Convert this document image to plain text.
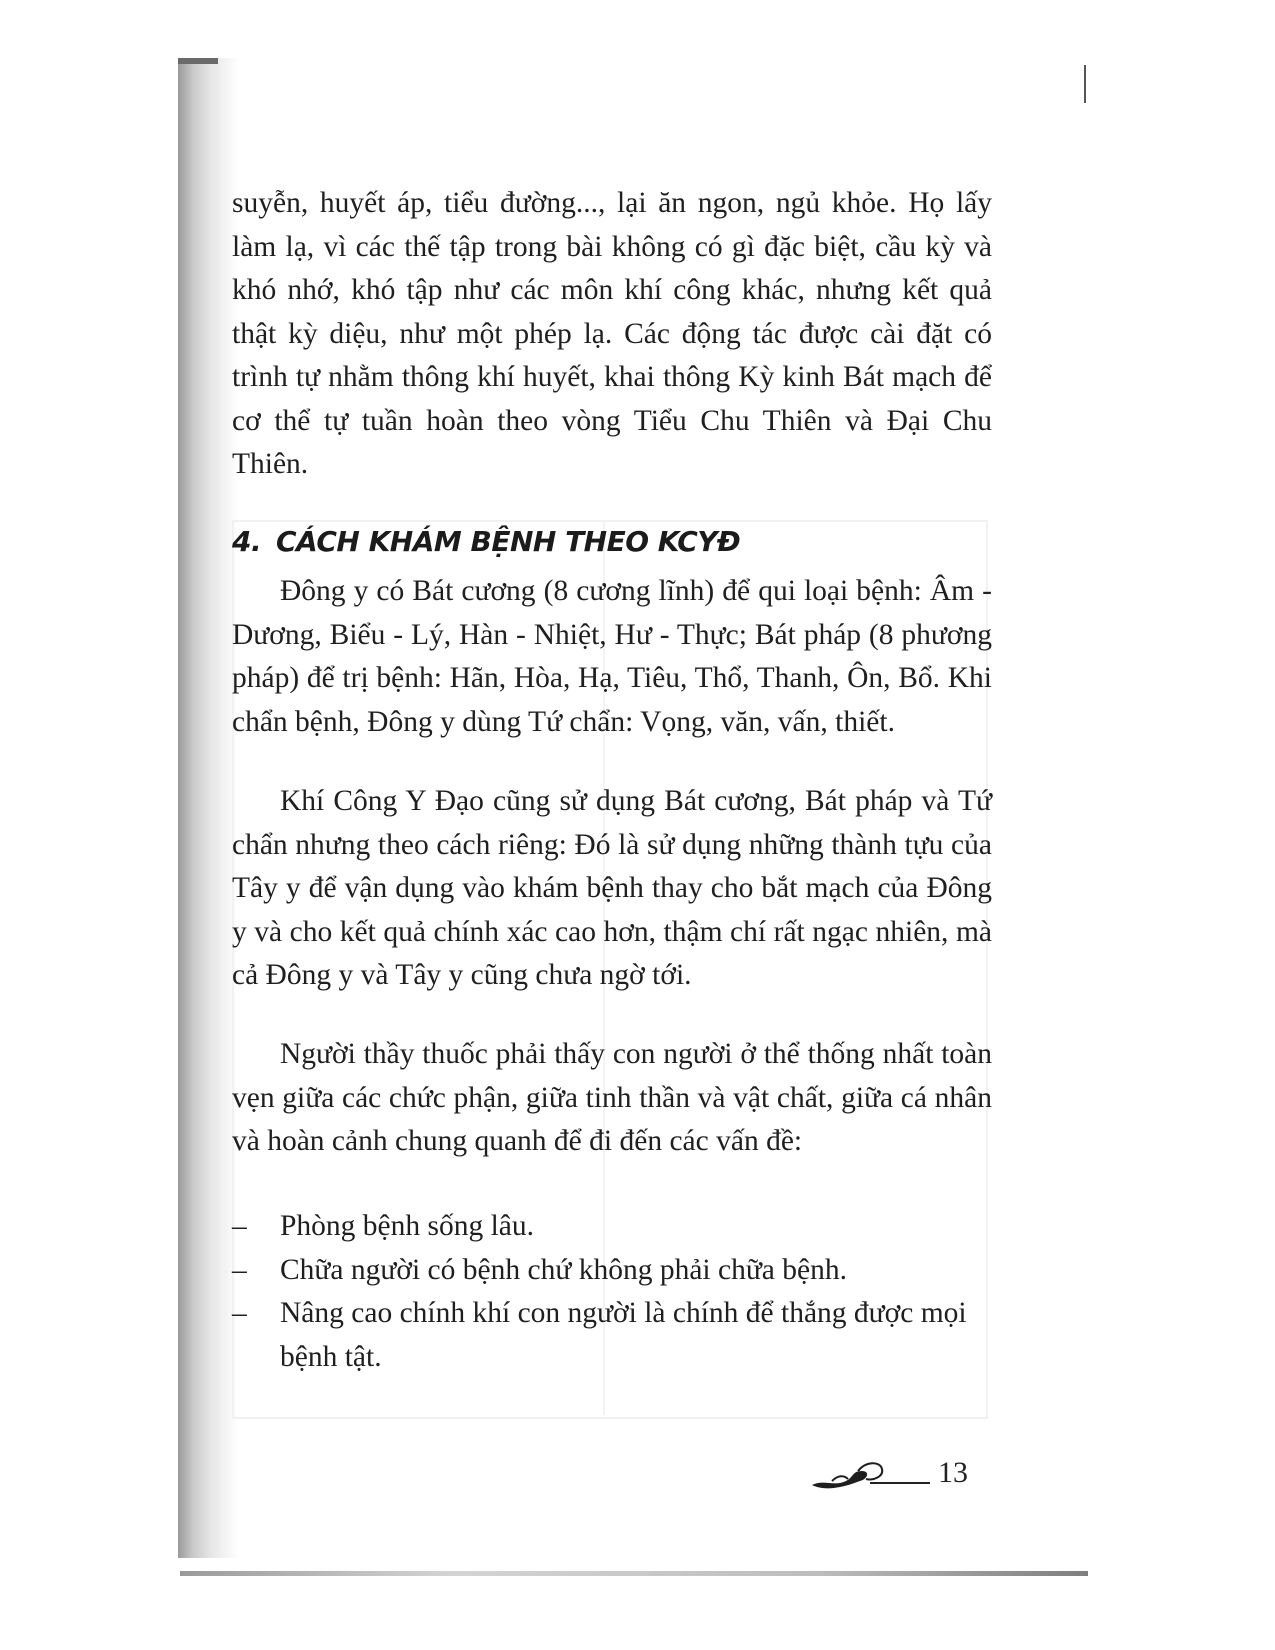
suyễn, huyết áp, tiểu đường..., lại ăn ngon, ngủ khỏe. Họ lấy làm lạ, vì các thế tập trong bài không có gì đặc biệt, cầu kỳ và khó nhớ, khó tập như các môn khí công khác, nhưng kết quả thật kỳ diệu, như một phép lạ. Các động tác được cài đặt có trình tự nhằm thông khí huyết, khai thông Kỳ kinh Bát mạch để cơ thể tự tuần hoàn theo vòng Tiểu Chu Thiên và Đại Chu Thiên.

4. CÁCH KHÁM BỆNH THEO KCYĐ

Đông y có Bát cương (8 cương lĩnh) để qui loại bệnh: Âm - Dương, Biểu - Lý, Hàn - Nhiệt, Hư - Thực; Bát pháp (8 phương pháp) để trị bệnh: Hãn, Hòa, Hạ, Tiêu, Thổ, Thanh, Ôn, Bổ. Khi chẩn bệnh, Đông y dùng Tứ chẩn: Vọng, văn, vấn, thiết.

Khí Công Y Đạo cũng sử dụng Bát cương, Bát pháp và Tứ chẩn nhưng theo cách riêng: Đó là sử dụng những thành tựu của Tây y để vận dụng vào khám bệnh thay cho bắt mạch của Đông y và cho kết quả chính xác cao hơn, thậm chí rất ngạc nhiên, mà cả Đông y và Tây y cũng chưa ngờ tới.

Người thầy thuốc phải thấy con người ở thể thống nhất toàn vẹn giữa các chức phận, giữa tinh thần và vật chất, giữa cá nhân và hoàn cảnh chung quanh để đi đến các vấn đề:

– Phòng bệnh sống lâu.
– Chữa người có bệnh chứ không phải chữa bệnh.
– Nâng cao chính khí con người là chính để thắng được mọi bệnh tật.
13
